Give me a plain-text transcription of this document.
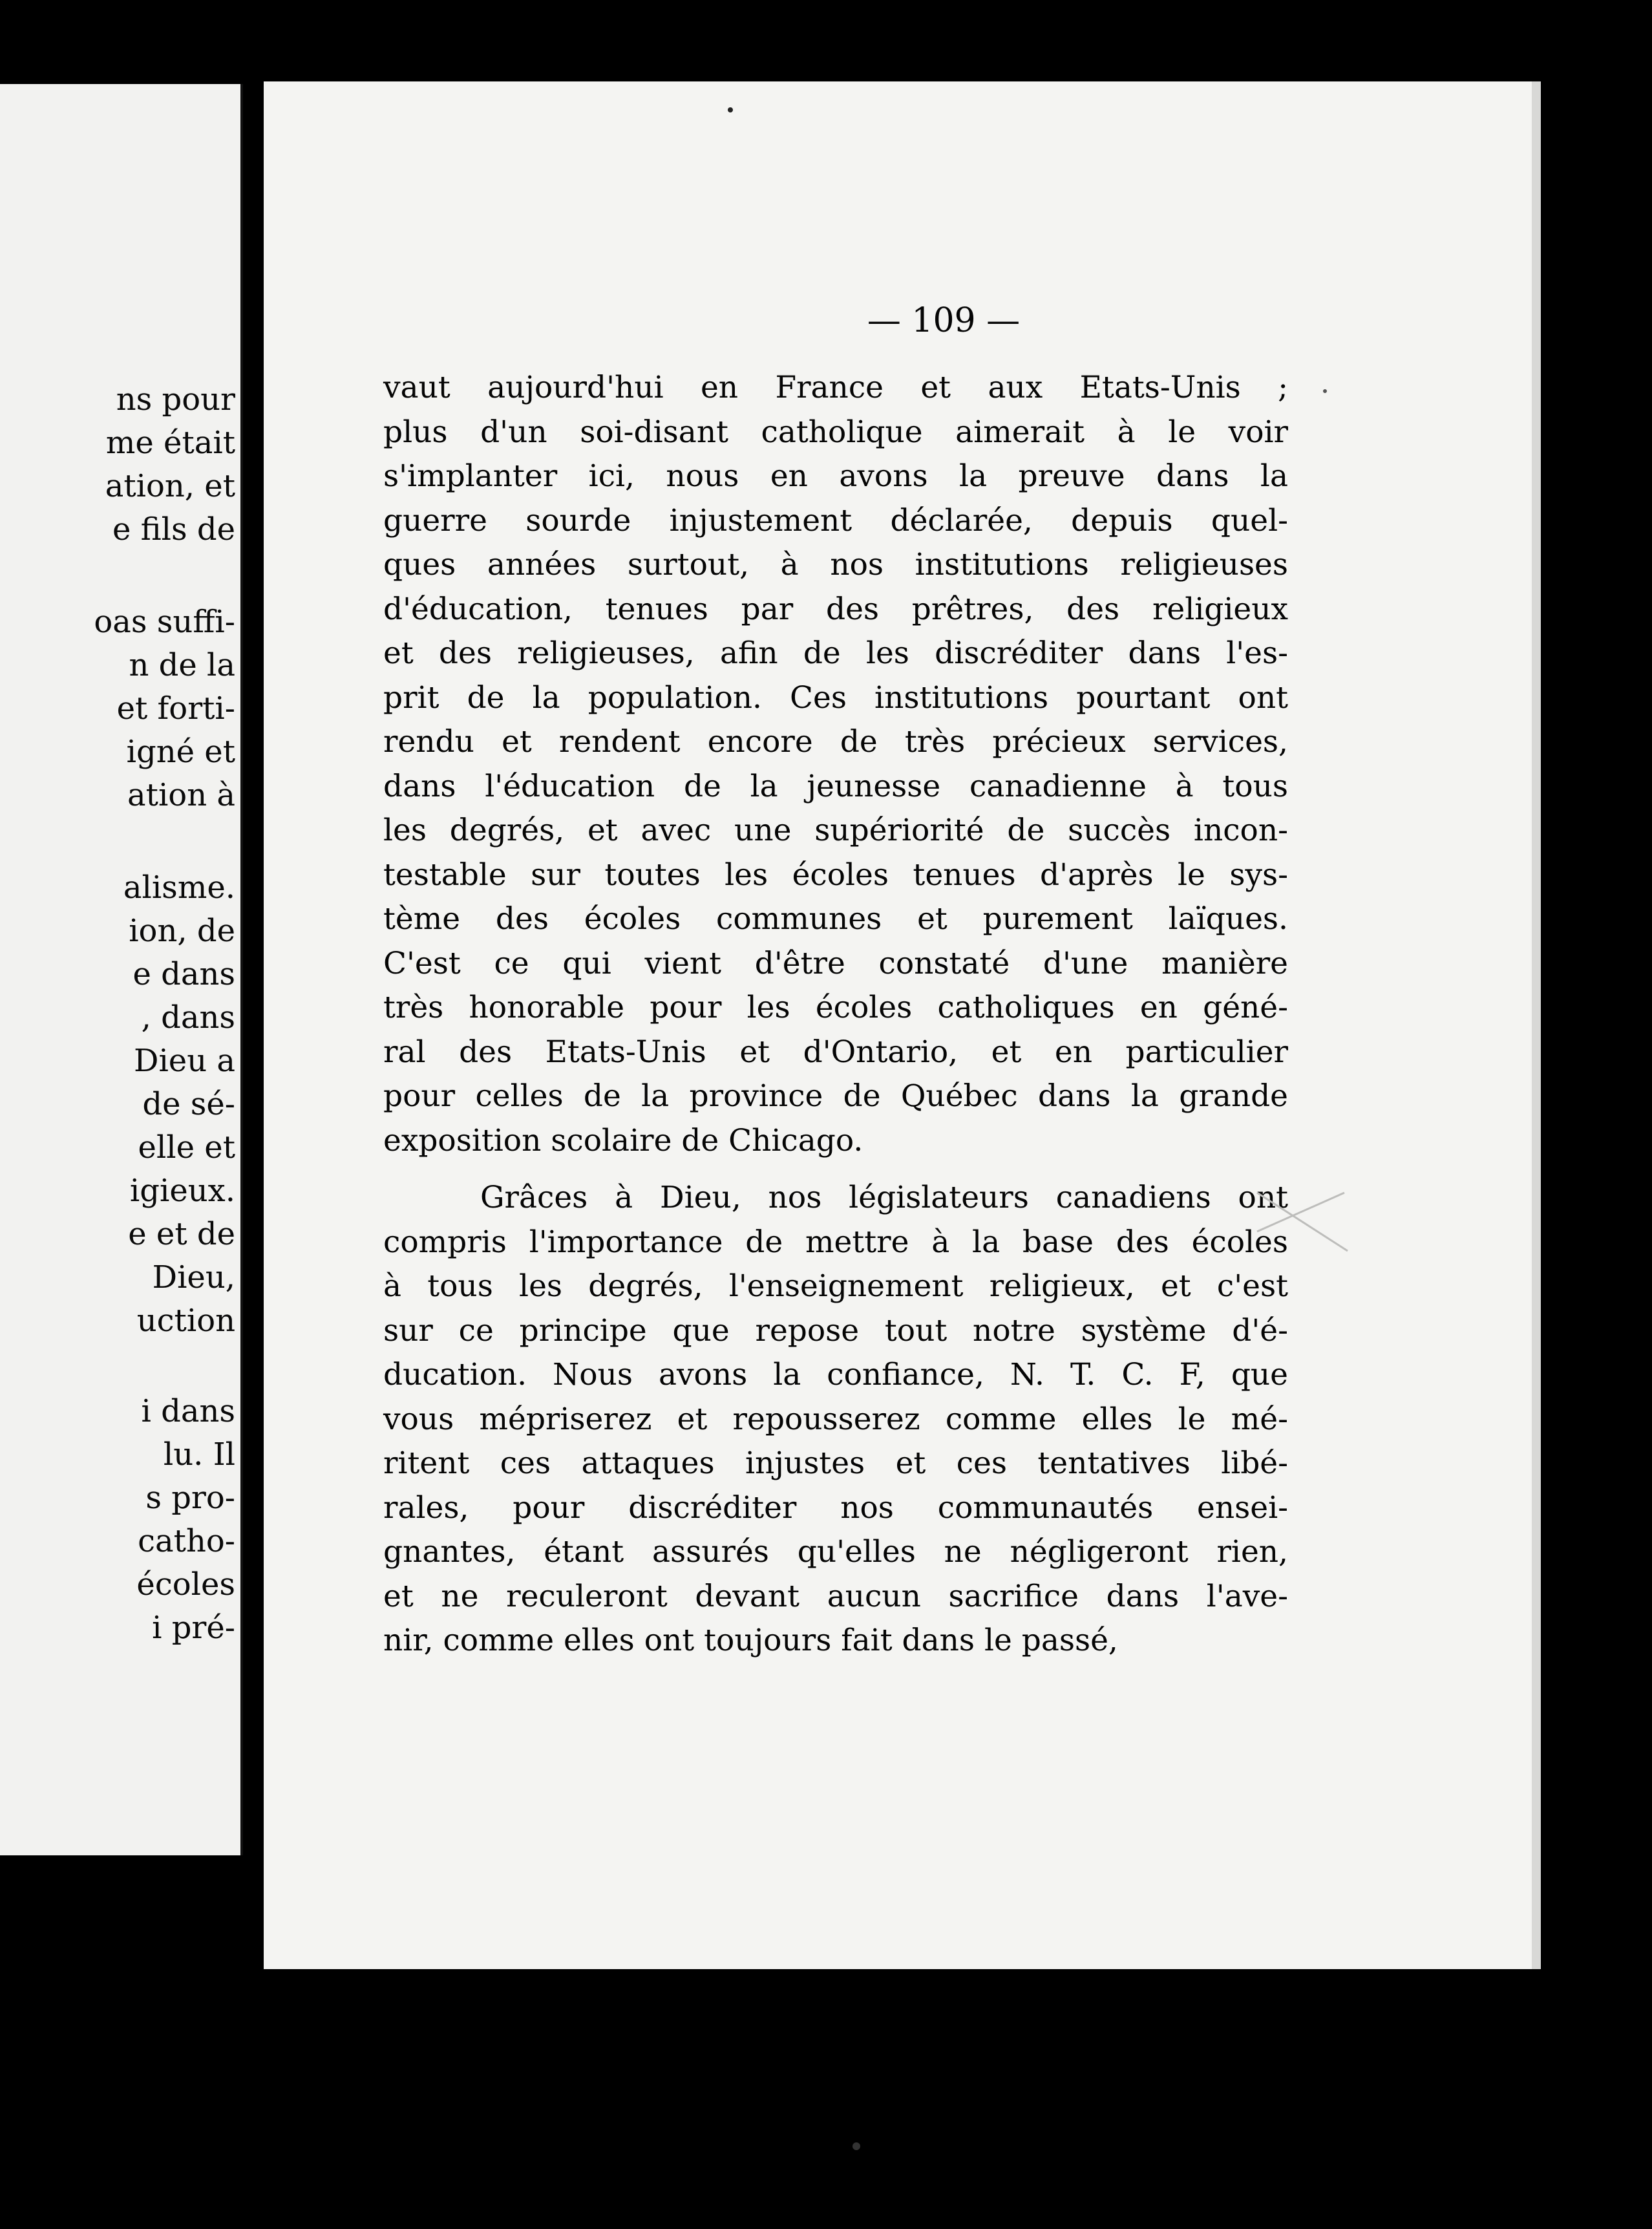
ns pour
me était
ation, et
e fils de
oas suffi-
n de la
et forti-
igné et
ation à
alisme.
ion, de
e dans
, dans
Dieu a
de sé-
elle et
igieux.
e et de
Dieu,
uction
i dans
lu. Il
s pro-
catho-
écoles
i pré-
— 109 —
vaut aujourd'hui en France et aux Etats-Unis ;
plus d'un soi-disant catholique aimerait à le voir
s'implanter ici, nous en avons la preuve dans la
guerre sourde injustement déclarée, depuis quel-
ques années surtout, à nos institutions religieuses
d'éducation, tenues par des prêtres, des religieux
et des religieuses, afin de les discréditer dans l'es-
prit de la population. Ces institutions pourtant ont
rendu et rendent encore de très précieux services,
dans l'éducation de la jeunesse canadienne à tous
les degrés, et avec une supériorité de succès incon-
testable sur toutes les écoles tenues d'après le sys-
tème des écoles communes et purement laïques.
C'est ce qui vient d'être constaté d'une manière
très honorable pour les écoles catholiques en géné-
ral des Etats-Unis et d'Ontario, et en particulier
pour celles de la province de Québec dans la grande
exposition scolaire de Chicago.
Grâces à Dieu, nos législateurs canadiens ont
compris l'importance de mettre à la base des écoles
à tous les degrés, l'enseignement religieux, et c'est
sur ce principe que repose tout notre système d'é-
ducation. Nous avons la confiance, N. T. C. F, que
vous mépriserez et repousserez comme elles le mé-
ritent ces attaques injustes et ces tentatives libé-
rales, pour discréditer nos communautés ensei-
gnantes, étant assurés qu'elles ne négligeront rien,
et ne reculeront devant aucun sacrifice dans l'ave-
nir, comme elles ont toujours fait dans le passé,
